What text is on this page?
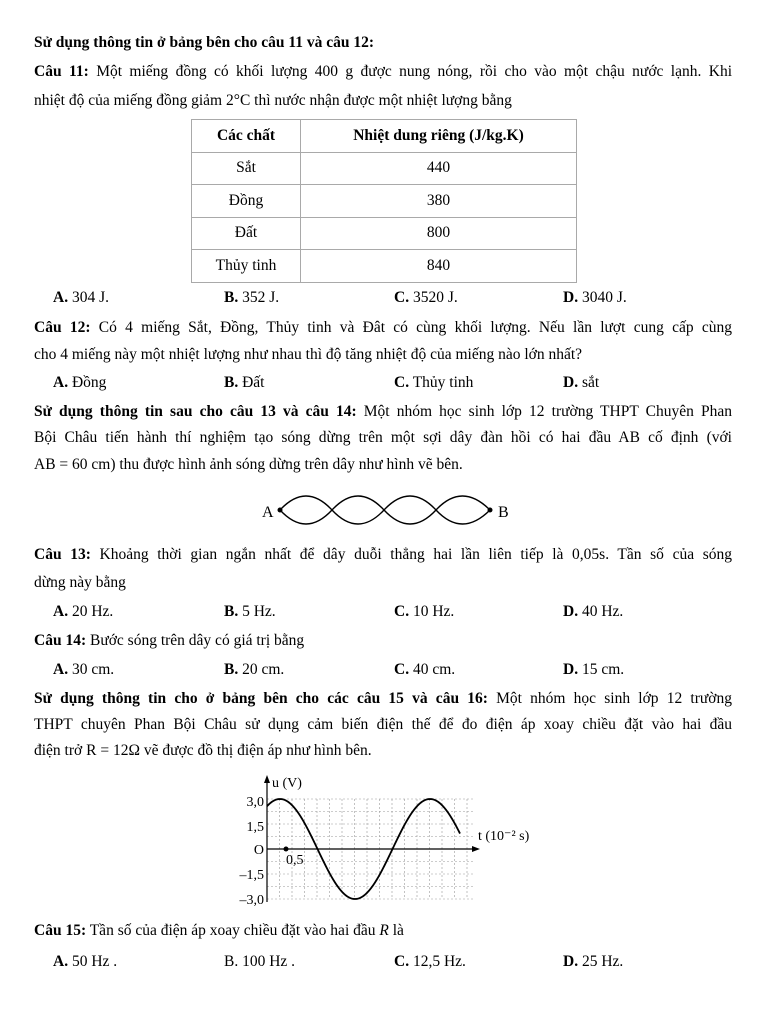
Sử dụng thông tin ở bảng bên cho câu 11 và câu 12:
Câu 11: Một miếng đồng có khối lượng 400 g được nung nóng, rồi cho vào một chậu nước lạnh. Khi
nhiệt độ của miếng đồng giảm 2°C thì nước nhận được một nhiệt lượng bằng
Các chất	Nhiệt dung riêng (J/kg.K)
Sắt	440
Đồng	380
Đất	800
Thủy tinh	840
A. 304 J.	B. 352 J.	C. 3520 J.	D. 3040 J.
Câu 12: Có 4 miếng Sắt, Đồng, Thủy tinh và Đât có cùng khối lượng. Nếu lần lượt cung cấp cùng
cho 4 miếng này một nhiệt lượng như nhau thì độ tăng nhiệt độ của miếng nào lớn nhất?
A. Đồng	B. Đất	C. Thủy tinh	D. sắt
Sử dụng thông tin sau cho câu 13 và câu 14: Một nhóm học sinh lớp 12 trường THPT Chuyên Phan
Bội Châu tiến hành thí nghiệm tạo sóng dừng trên một sợi dây đàn hồi có hai đầu AB cố định (với
AB = 60 cm) thu được hình ảnh sóng dừng trên dây như hình vẽ bên.
A	B
Câu 13: Khoảng thời gian ngắn nhất để dây duỗi thẳng hai lần liên tiếp là 0,05s. Tần số của sóng
dừng này bằng
A. 20 Hz.	B. 5 Hz.	C. 10 Hz.	D. 40 Hz.
Câu 14: Bước sóng trên dây có giá trị bằng
A. 30 cm.	B. 20 cm.	C. 40 cm.	D. 15 cm.
Sử dụng thông tin cho ở bảng bên cho các câu 15 và câu 16: Một nhóm học sinh lớp 12 trường
THPT chuyên Phan Bội Châu sử dụng cảm biến điện thế để đo điện áp xoay chiều đặt vào hai đầu
điện trở R = 12Ω vẽ được đồ thị điện áp như hình bên.
u (V)
t (10⁻² s)
3,0
1,5
O
–1,5
–3,0
0,5
Câu 15: Tần số của điện áp xoay chiều đặt vào hai đầu R là
A. 50 Hz .	B. 100 Hz .	C. 12,5 Hz.	D. 25 Hz.
